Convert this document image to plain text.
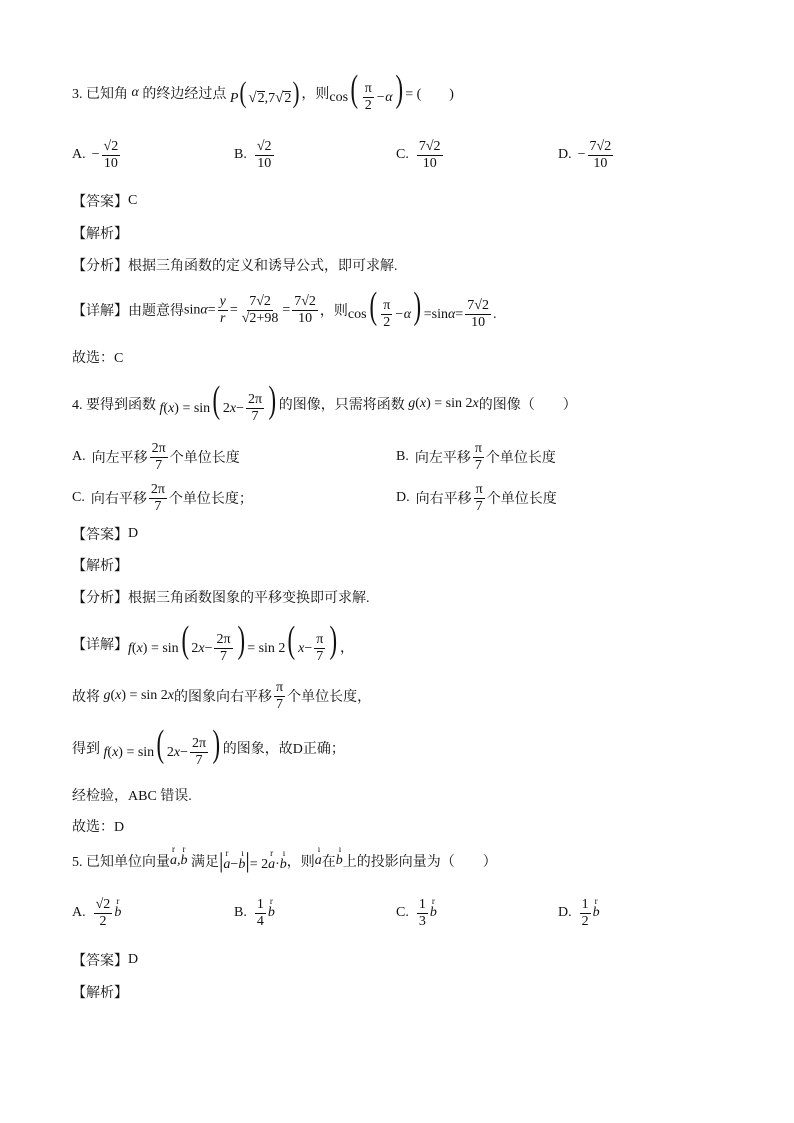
3. 已知角 α 的终边经过点 P( √ 2 ,7 √ 2 ) ，则 $\cos( \frac{\pi}{2} -\alpha)$ = (　　)
A. − $\frac{√2}{10}$	B. $\frac{√2}{10}$	C. $\frac{7√2}{10}$	D. − $\frac{7√2}{10}$
【答案】 C
【解析】
【分析】 根据三角函数的定义和诱导公式，即可求解.
【详解】 由题意得 $\sin\alpha= \frac{y}{r} = \frac{7√2}{√2+98} = \frac{7√2}{10}$ ，则 $\cos( \frac{\pi}{2} -\alpha) =\sin\alpha= \frac{7√2}{10}$ .
故选：C
4. 要得到函数 f(x) = sin( $2x- \frac{2\pi}{7}$ ) 的图像，只需将函数 g(x) = sin 2x 的图像（　　）
A. 向左平移 $\frac{2\pi}{7}$ 个单位长度	B. 向左平移 $\frac{\pi}{7}$ 个单位长度
C. 向右平移 $\frac{2\pi}{7}$ 个单位长度；	D. 向右平移 $\frac{\pi}{7}$ 个单位长度
【答案】 D
【解析】
【分析】 根据三角函数图象的平移变换即可求解.
【详解】 f(x) = sin( $2x- \frac{2\pi}{7}$ ) = sin 2( $x- \frac{\pi}{7}$ ) ，
故将 g(x) = sin 2x 的图象向右平移 $\frac{\pi}{7}$ 个单位长度，
得到 f(x) = sin( $2x- \frac{2\pi}{7}$ ) 的图象，故D正确；
经检验，ABC 错误.
故选：D
5. 已知单位向量 r a,r b 满足 |r a−ı b|= 2r a·ı b ，则 ı a 在 ı b 上的投影向量为（　　）
A. $\frac{√2}{2}$ r b	B. $\frac{1}{4}$ r b	C. $\frac{1}{3}$ r b	D. $\frac{1}{2}$ r b
【答案】 D
【解析】
